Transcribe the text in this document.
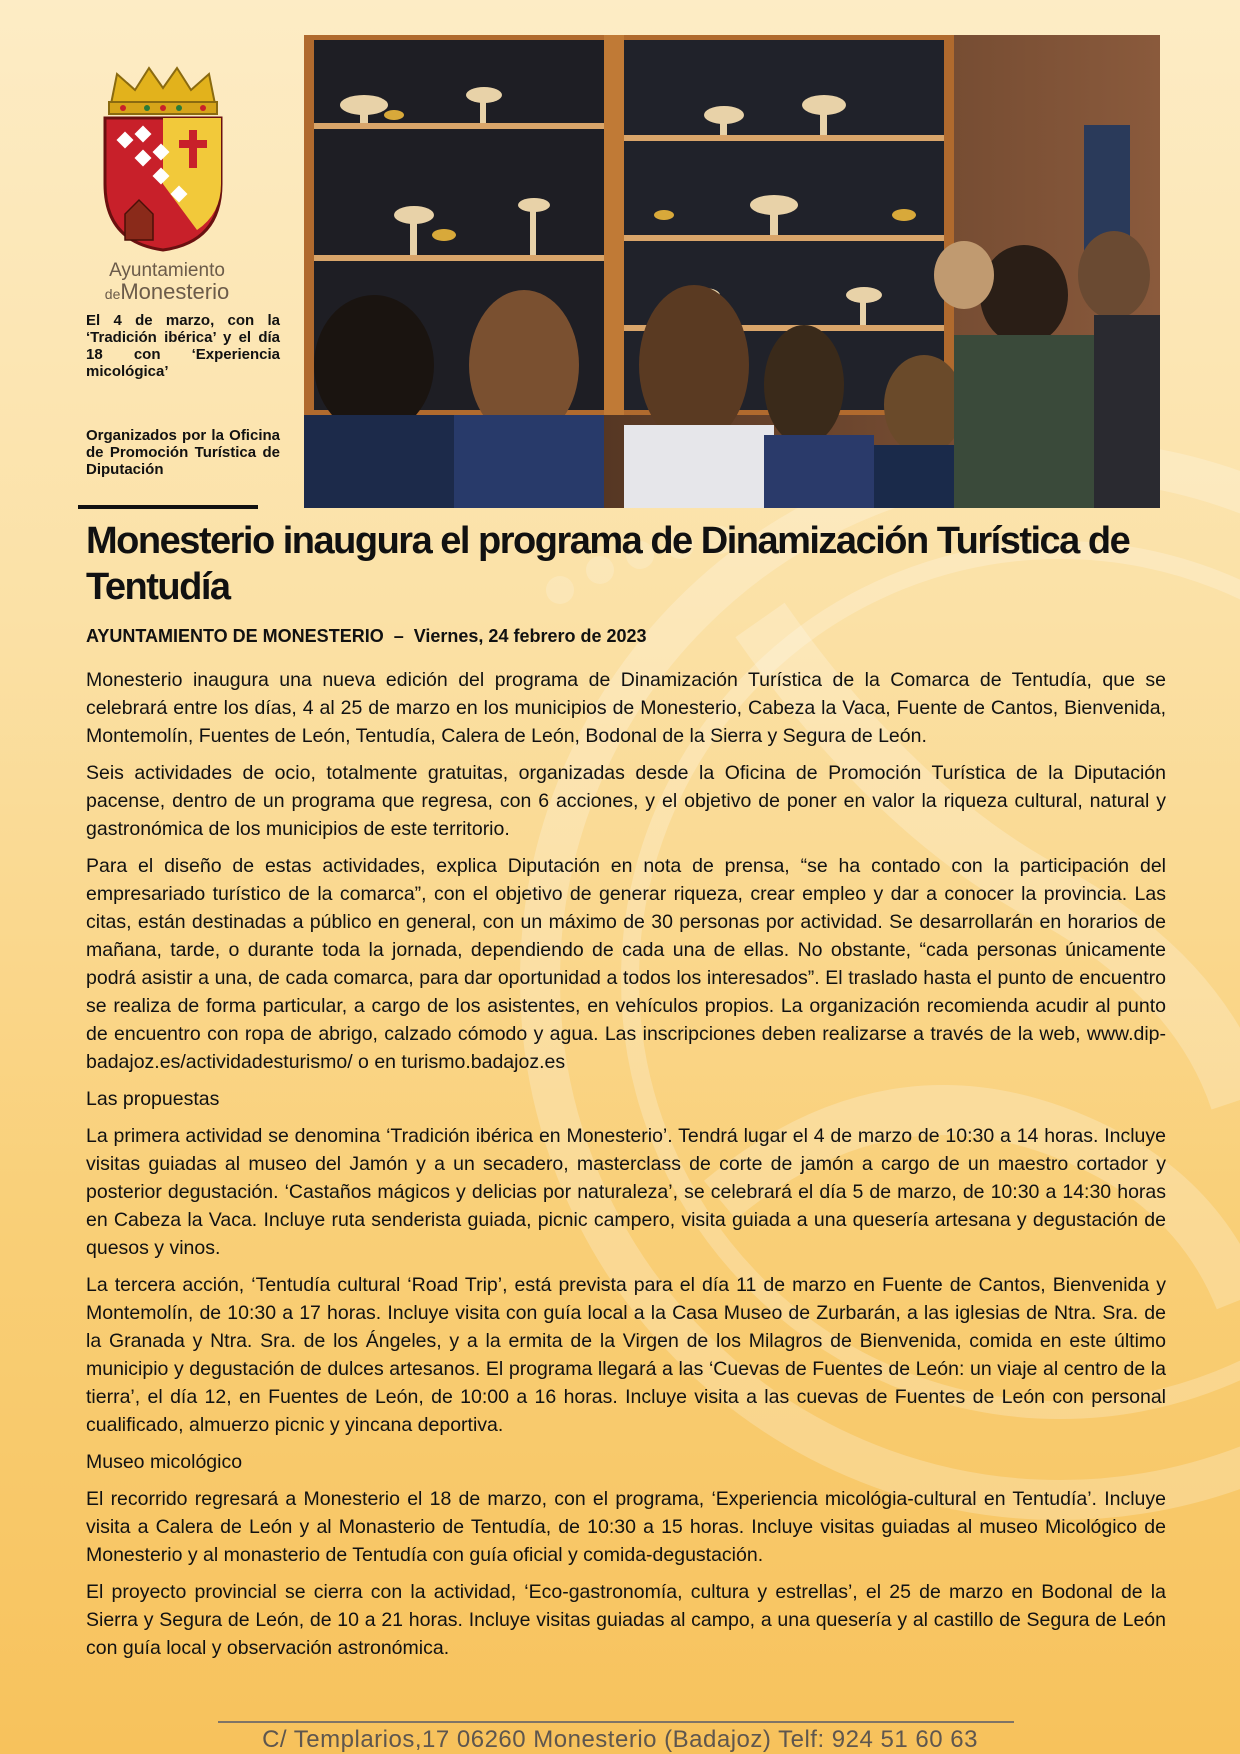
Ayuntamiento
deMonesterio
El 4 de marzo, con la ‘Tradición ibérica’ y el día 18 con ‘Experiencia micológica’
Organizados por la Oficina de Promoción Turística de Diputación
Monesterio inaugura el programa de Dinamización Turística de Tentudía
AYUNTAMIENTO DE MONESTERIO – Viernes, 24 febrero de 2023

Monesterio inaugura una nueva edición del programa de Dinamización Turística de la Comarca de Tentudía, que se celebrará entre los días, 4 al 25 de marzo en los municipios de Monesterio, Cabeza la Vaca, Fuente de Cantos, Bienvenida, Montemolín, Fuentes de León, Tentudía, Calera de León, Bodonal de la Sierra y Segura de León.

Seis actividades de ocio, totalmente gratuitas, organizadas desde la Oficina de Promoción Turística de la Diputación pacense, dentro de un programa que regresa, con 6 acciones, y el objetivo de poner en valor la riqueza cultural, natural y gastronómica de los municipios de este territorio.

Para el diseño de estas actividades, explica Diputación en nota de prensa, “se ha contado con la participación del empresariado turístico de la comarca”, con el objetivo de generar riqueza, crear empleo y dar a conocer la provincia. Las citas, están destinadas a público en general, con un máximo de 30 personas por actividad. Se desarrollarán en horarios de mañana, tarde, o durante toda la jornada, dependiendo de cada una de ellas. No obstante, “cada personas únicamente podrá asistir a una, de cada comarca, para dar oportunidad a todos los interesados”. El traslado hasta el punto de encuentro se realiza de forma particular, a cargo de los asistentes, en vehículos propios. La organización recomienda acudir al punto de encuentro con ropa de abrigo, calzado cómodo y agua. Las inscripciones deben realizarse a través de la web, www.dip-badajoz.es/actividadesturismo/ o en turismo.badajoz.es

Las propuestas

La primera actividad se denomina ‘Tradición ibérica en Monesterio’. Tendrá lugar el 4 de marzo de 10:30 a 14 horas. Incluye visitas guiadas al museo del Jamón y a un secadero, masterclass de corte de jamón a cargo de un maestro cortador y posterior degustación. ‘Castaños mágicos y delicias por naturaleza’, se celebrará el día 5 de marzo, de 10:30 a 14:30 horas en Cabeza la Vaca. Incluye ruta senderista guiada, picnic campero, visita guiada a una quesería artesana y degustación de quesos y vinos.

La tercera acción, ‘Tentudía cultural ‘Road Trip’, está prevista para el día 11 de marzo en Fuente de Cantos, Bienvenida y Montemolín, de 10:30 a 17 horas. Incluye visita con guía local a la Casa Museo de Zurbarán, a las iglesias de Ntra. Sra. de la Granada y Ntra. Sra. de los Ángeles, y a la ermita de la Virgen de los Milagros de Bienvenida, comida en este último municipio y degustación de dulces artesanos. El programa llegará a las ‘Cuevas de Fuentes de León: un viaje al centro de la tierra’, el día 12, en Fuentes de León, de 10:00 a 16 horas. Incluye visita a las cuevas de Fuentes de León con personal cualificado, almuerzo picnic y yincana deportiva.

Museo micológico

El recorrido regresará a Monesterio el 18 de marzo, con el programa, ‘Experiencia micológia-cultural en Tentudía’. Incluye visita a Calera de León y al Monasterio de Tentudía, de 10:30 a 15 horas. Incluye visitas guiadas al museo Micológico de Monesterio y al monasterio de Tentudía con guía oficial y comida-degustación.

El proyecto provincial se cierra con la actividad, ‘Eco-gastronomía, cultura y estrellas’, el 25 de marzo en Bodonal de la Sierra y Segura de León, de 10 a 21 horas. Incluye visitas guiadas al campo, a una quesería y al castillo de Segura de León con guía local y observación astronómica.

C/ Templarios,17 06260 Monesterio (Badajoz) Telf: 924 51 60 63
